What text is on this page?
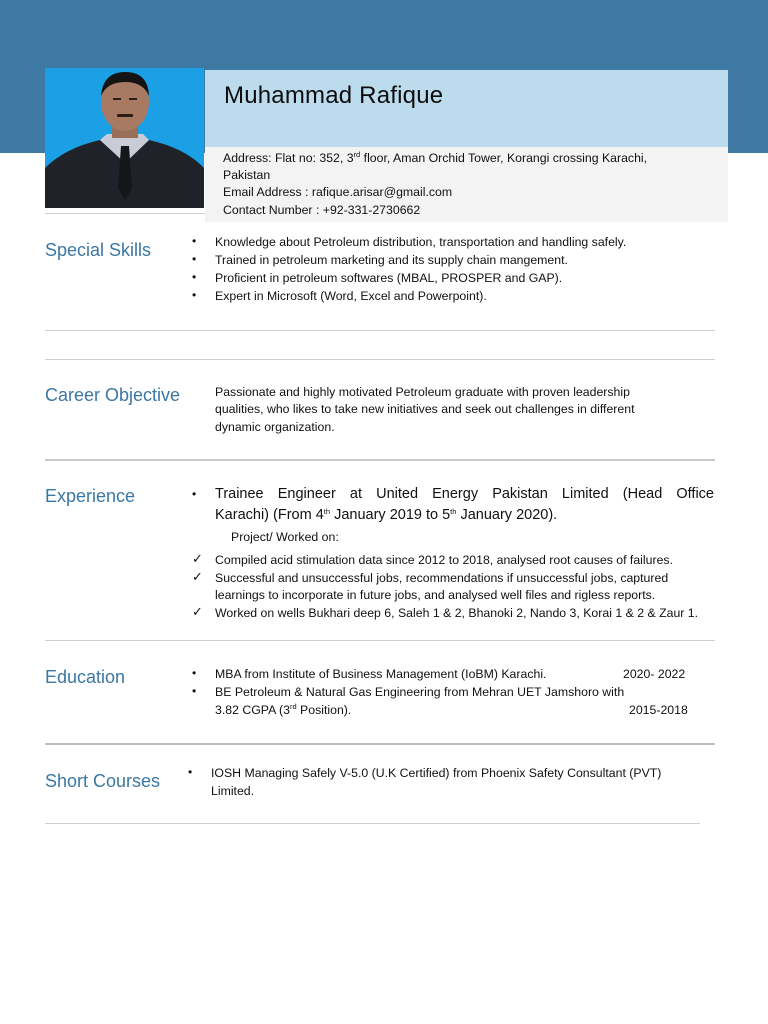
Muhammad Rafique
Address: Flat no: 352, 3rd floor, Aman Orchid Tower, Korangi crossing Karachi,
Pakistan
Email Address : rafique.arisar@gmail.com
Contact Number : +92-331-2730662
Special Skills	• Knowledge about Petroleum distribution, transportation and handling safely.
• Trained in petroleum marketing and its supply chain mangement.
• Proficient in petroleum softwares (MBAL, PROSPER and GAP).
• Expert in Microsoft (Word, Excel and Powerpoint).
Career Objective	Passionate and highly motivated Petroleum graduate with proven leadership
qualities, who likes to take new initiatives and seek out challenges in different
dynamic organization.
Experience	• Trainee Engineer at United Energy Pakistan Limited (Head Office
Karachi) (From 4th January 2019 to 5th January 2020).
Project/ Worked on:
✓ Compiled acid stimulation data since 2012 to 2018, analysed root causes of failures.
✓ Successful and unsuccessful jobs, recommendations if unsuccessful jobs, captured
learnings to incorporate in future jobs, and analysed well files and rigless reports.
✓ Worked on wells Bukhari deep 6, Saleh 1 & 2, Bhanoki 2, Nando 3, Korai 1 & 2 & Zaur 1.
Education	• MBA from Institute of Business Management (IoBM) Karachi.	2020- 2022
• BE Petroleum & Natural Gas Engineering from Mehran UET Jamshoro with
3.82 CGPA (3rd Position).	2015-2018
Short Courses • IOSH Managing Safely V-5.0 (U.K Certified) from Phoenix Safety Consultant (PVT)
Limited.
